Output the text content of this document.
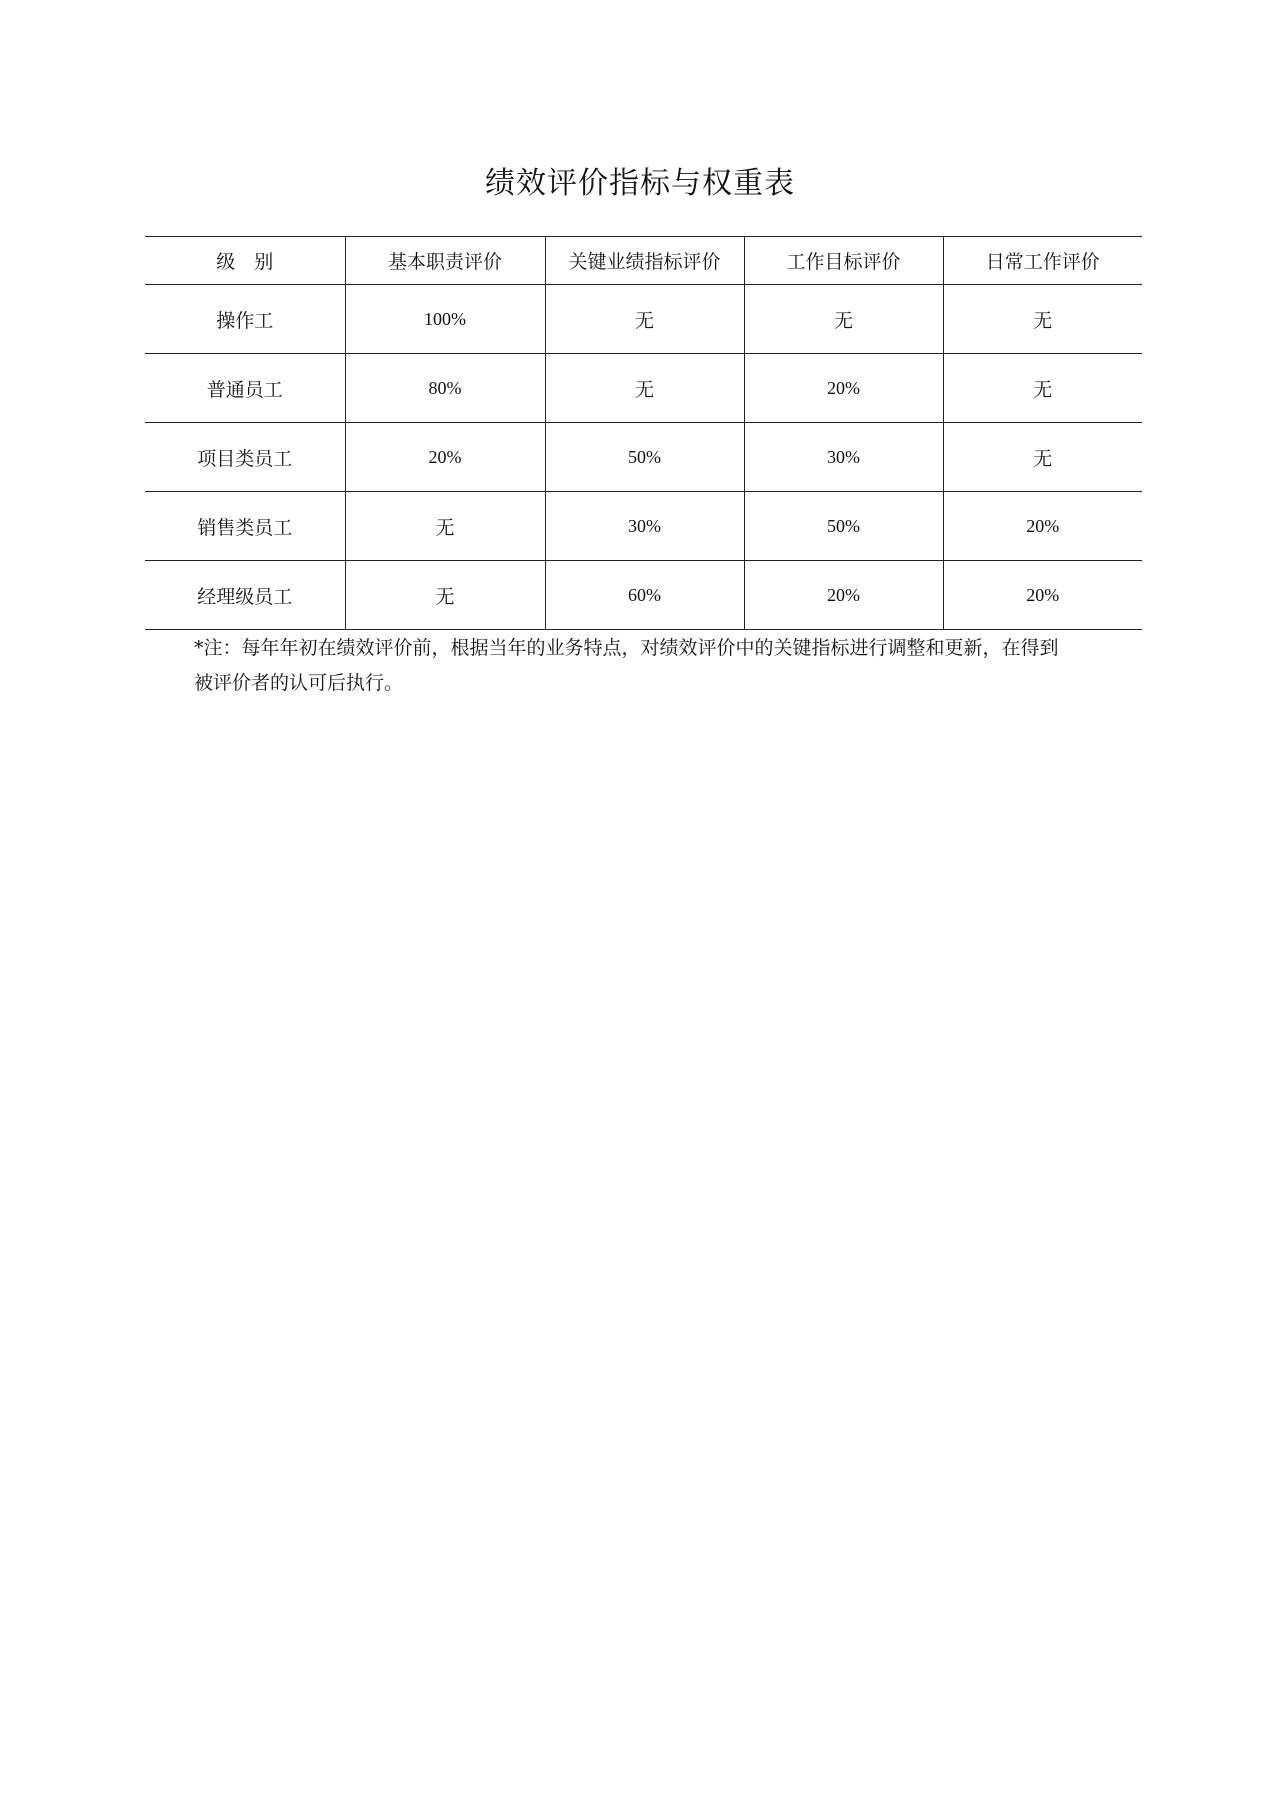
绩效评价指标与权重表
级　别	基本职责评价	关键业绩指标评价	工作目标评价	日常工作评价
操作工	100%	无	无	无
普通员工	80%	无	20%	无
项目类员工	20%	50%	30%	无
销售类员工	无	30%	50%	20%
经理级员工	无	60%	20%	20%

*注：每年年初在绩效评价前，根据当年的业务特点，对绩效评价中的关键指标进行调整和更新，在得到

被评价者的认可后执行。
